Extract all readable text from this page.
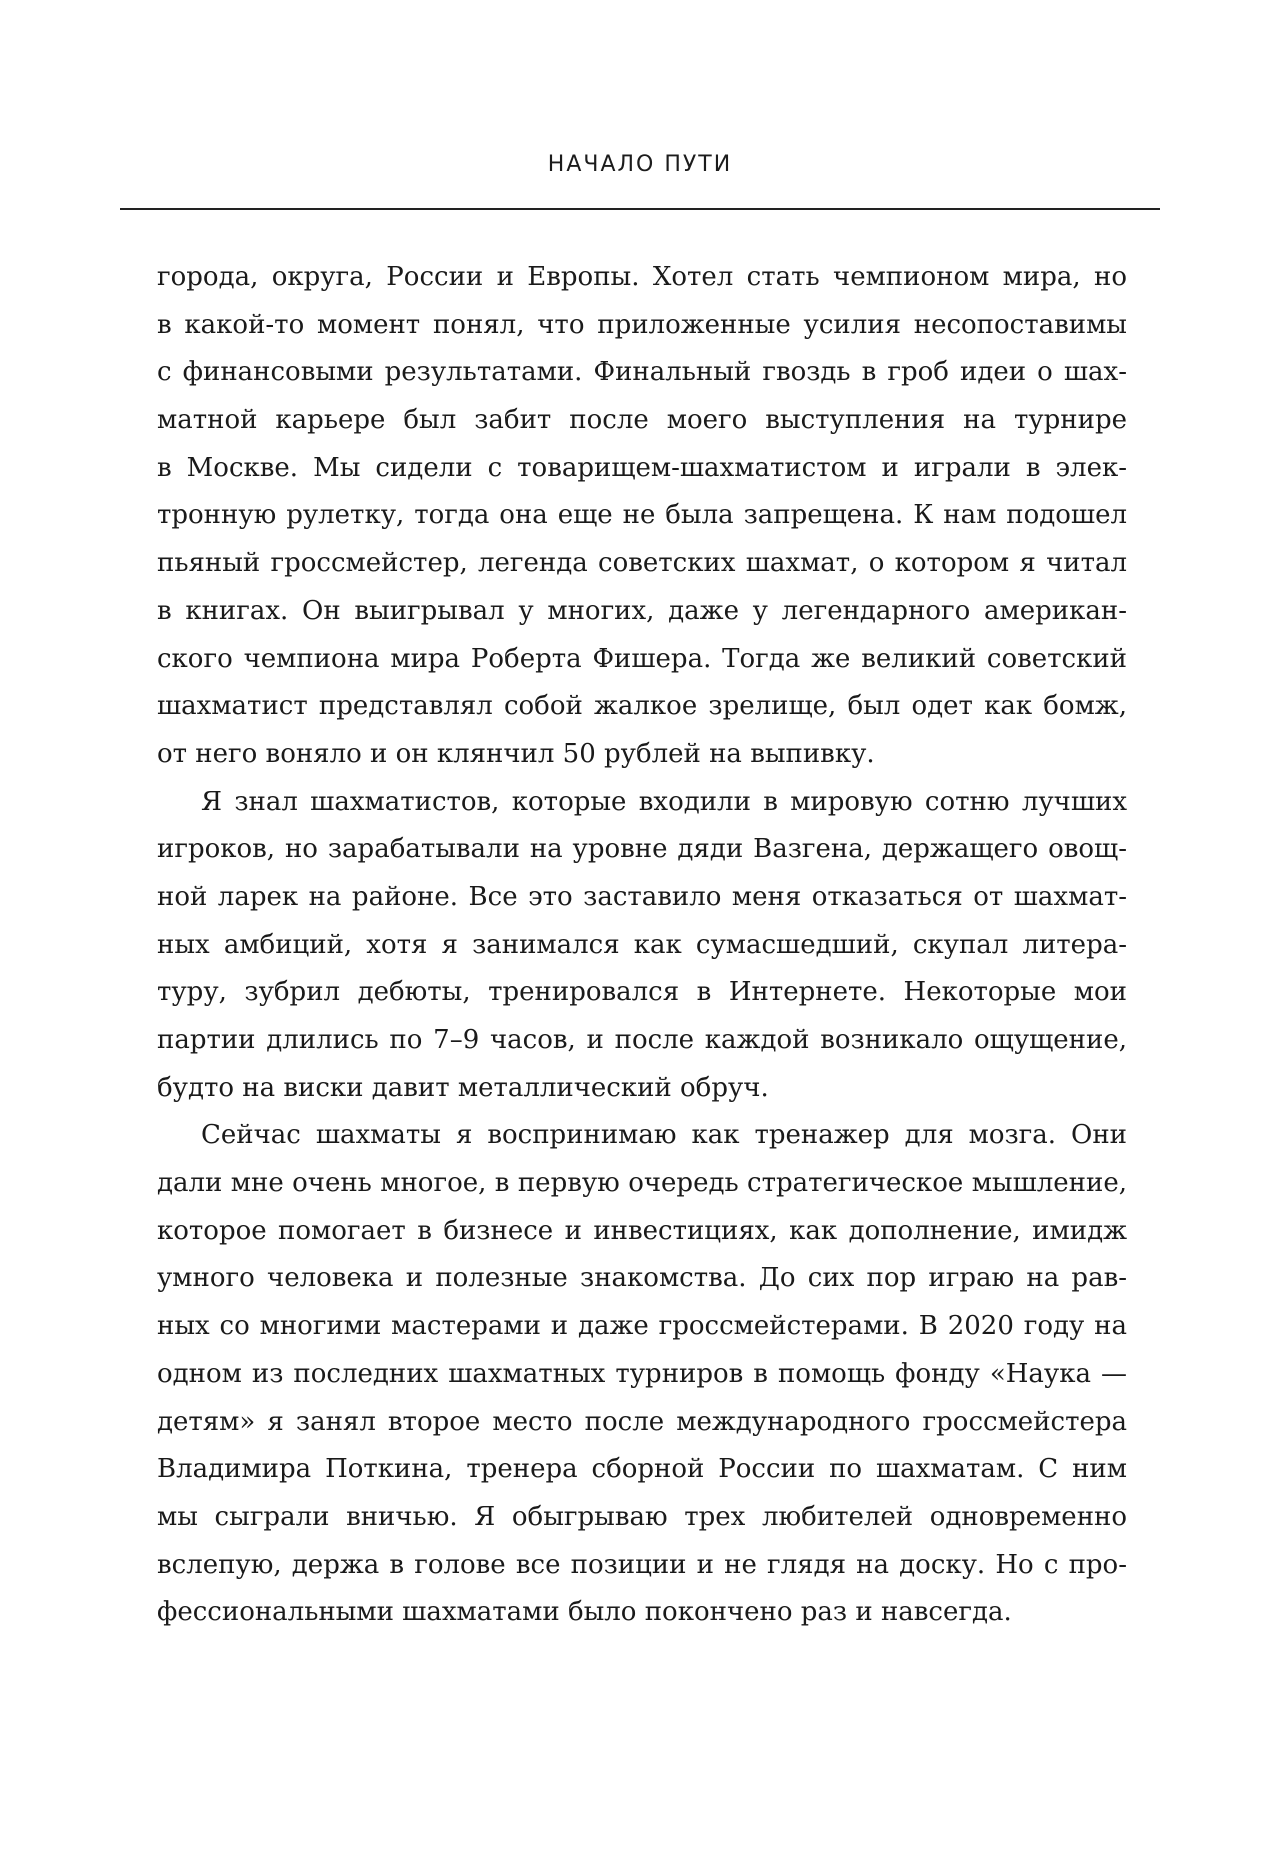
НАЧАЛО ПУТИ
города, округа, России и Европы. Хотел стать чемпионом мира, но
в какой-то момент понял, что приложенные усилия несопоставимы
с финансовыми результатами. Финальный гвоздь в гроб идеи о шах-
матной карьере был забит после моего выступления на турнире
в Москве. Мы сидели с товарищем-шахматистом и играли в элек-
тронную рулетку, тогда она еще не была запрещена. К нам подошел
пьяный гроссмейстер, легенда советских шахмат, о котором я читал
в книгах. Он выигрывал у многих, даже у легендарного американ-
ского чемпиона мира Роберта Фишера. Тогда же великий советский
шахматист представлял собой жалкое зрелище, был одет как бомж,
от него воняло и он клянчил 50 рублей на выпивку.
Я знал шахматистов, которые входили в мировую сотню лучших
игроков, но зарабатывали на уровне дяди Вазгена, держащего овощ-
ной ларек на районе. Все это заставило меня отказаться от шахмат-
ных амбиций, хотя я занимался как сумасшедший, скупал литера-
туру, зубрил дебюты, тренировался в Интернете. Некоторые мои
партии длились по 7–9 часов, и после каждой возникало ощущение,
будто на виски давит металлический обруч.
Сейчас шахматы я воспринимаю как тренажер для мозга. Они
дали мне очень многое, в первую очередь стратегическое мышление,
которое помогает в бизнесе и инвестициях, как дополнение, имидж
умного человека и полезные знакомства. До сих пор играю на рав-
ных со многими мастерами и даже гроссмейстерами. В 2020 году на
одном из последних шахматных турниров в помощь фонду «Наука —
детям» я занял второе место после международного гроссмейстера
Владимира Поткина, тренера сборной России по шахматам. С ним
мы сыграли вничью. Я обыгрываю трех любителей одновременно
вслепую, держа в голове все позиции и не глядя на доску. Но с про-
фессиональными шахматами было покончено раз и навсегда.
